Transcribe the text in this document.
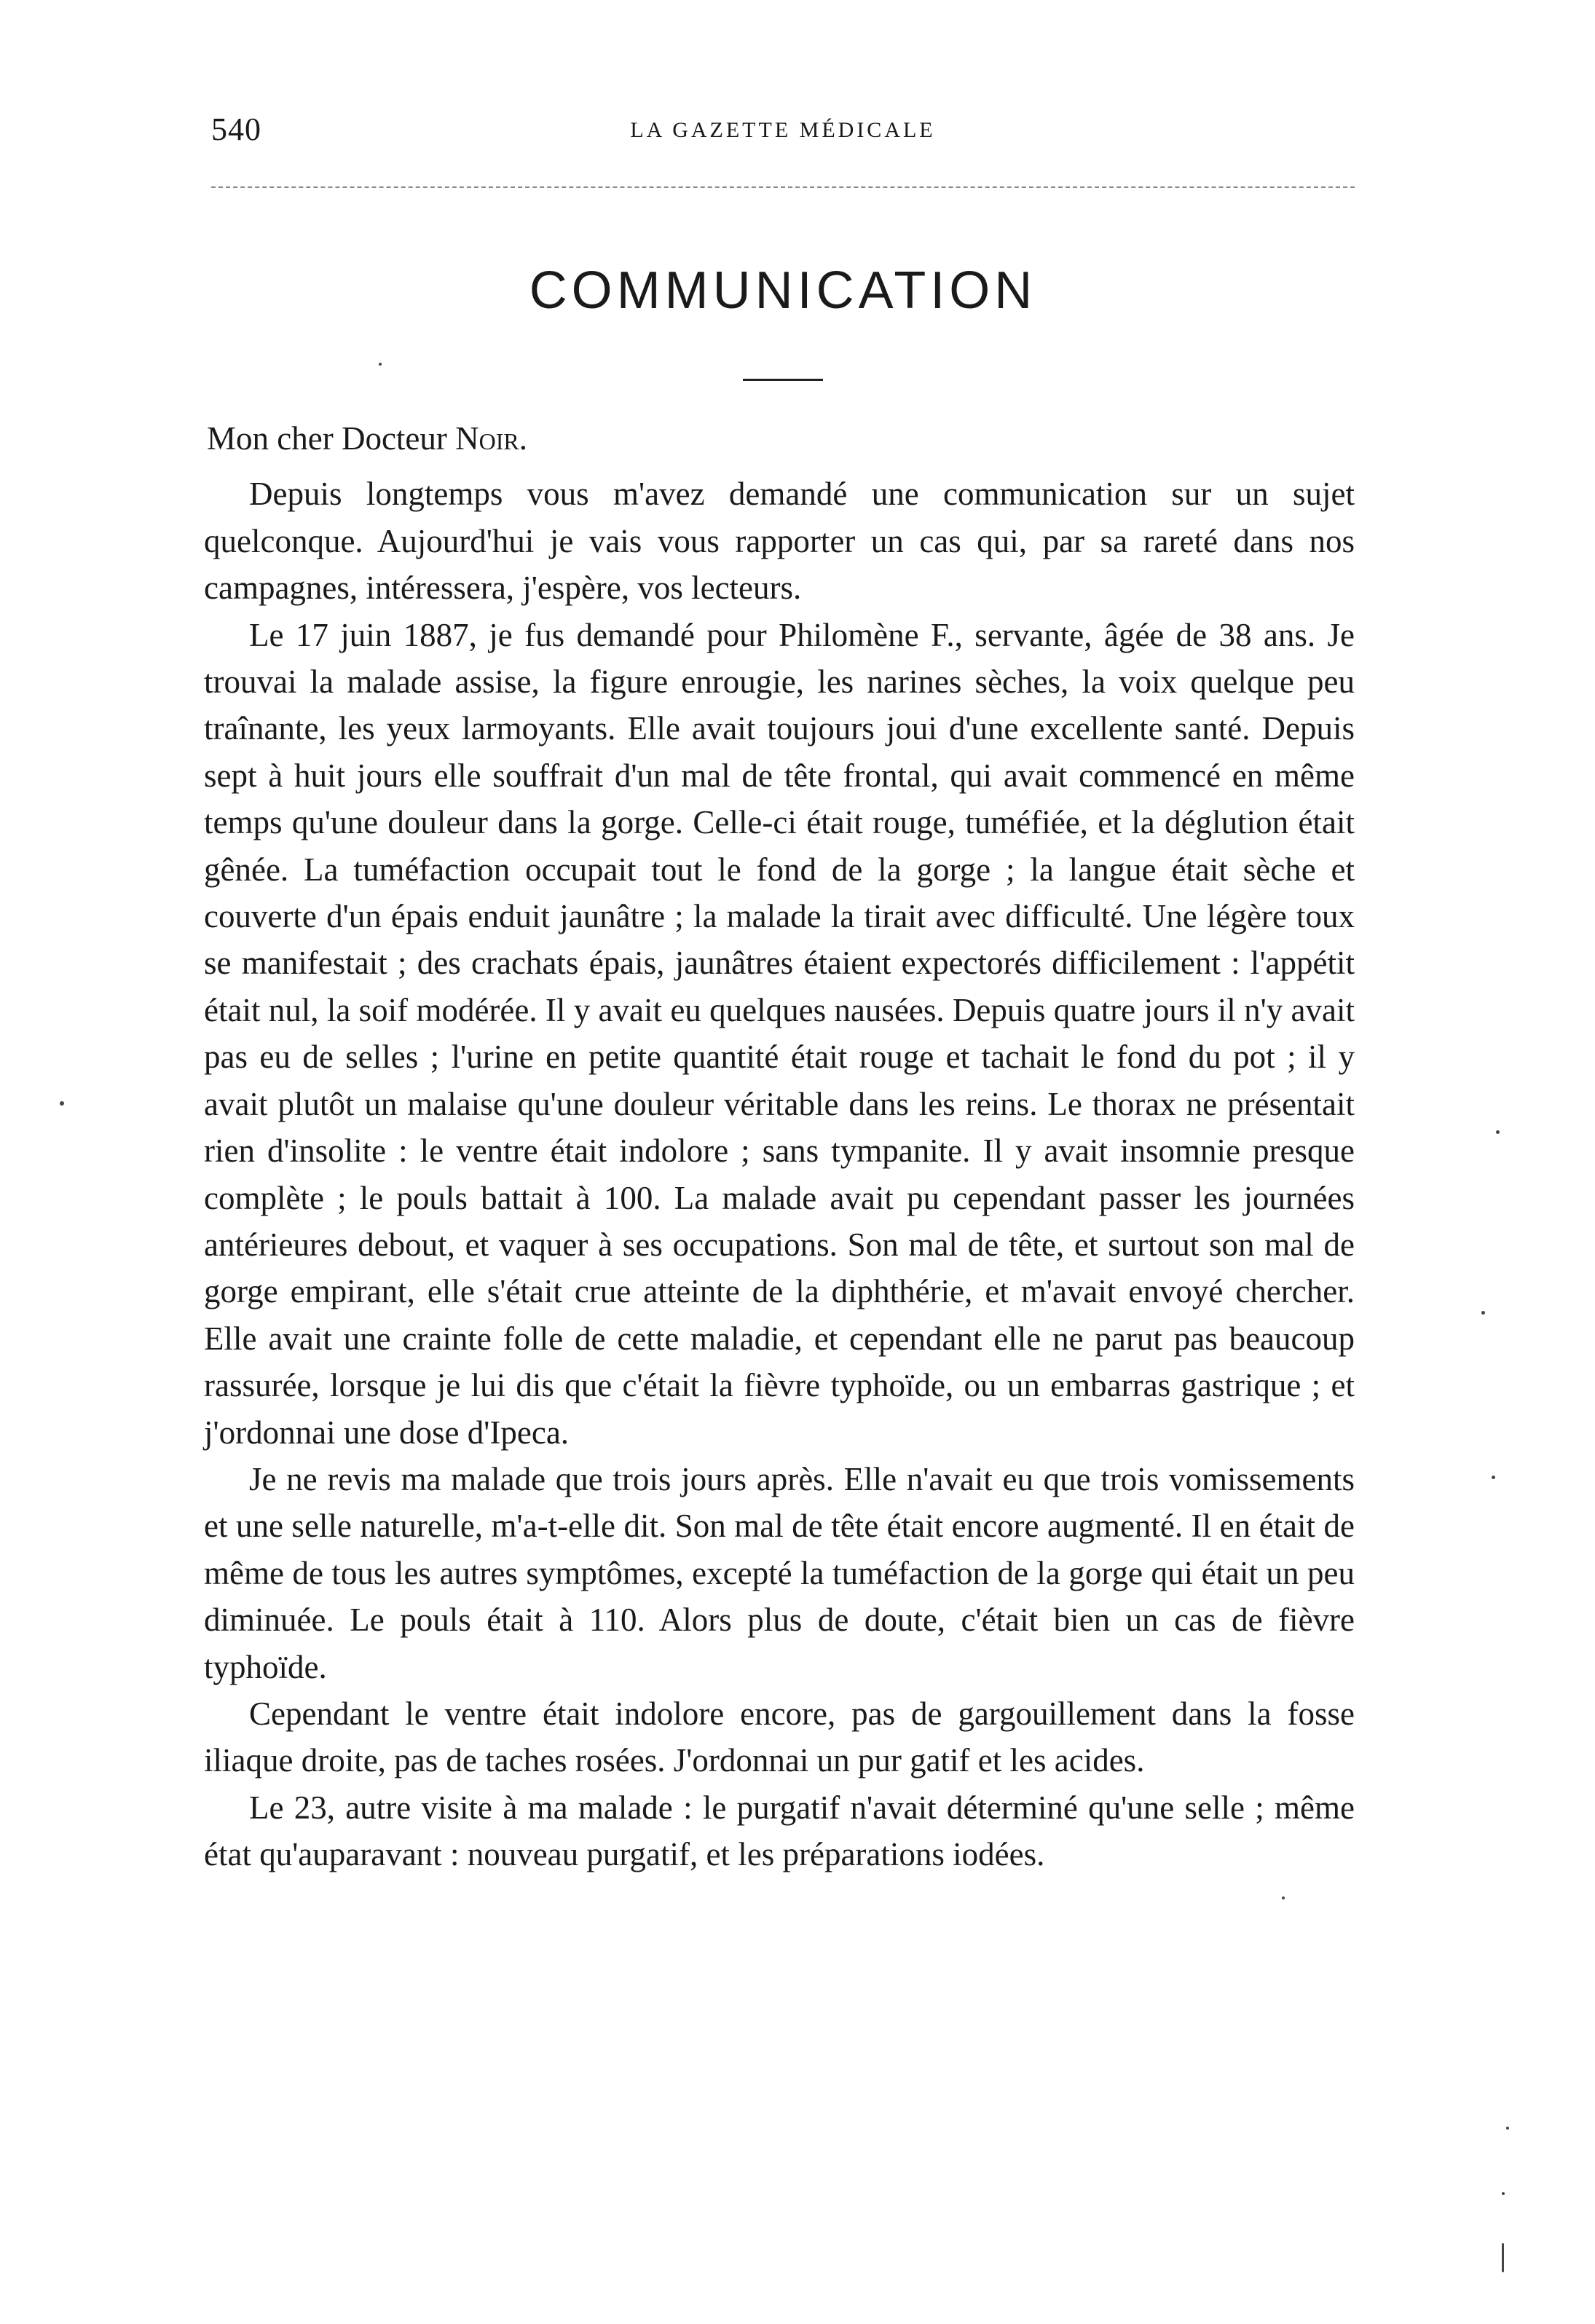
540	LA GAZETTE MÉDICALE
COMMUNICATION

Mon cher Docteur Noir.

Depuis longtemps vous m'avez demandé une communication sur un sujet quelconque. Aujourd'hui je vais vous rapporter un cas qui, par sa rareté dans nos campagnes, intéressera, j'espère, vos lecteurs.

Le 17 juin 1887, je fus demandé pour Philomène F., servante, âgée de 38 ans. Je trouvai la malade assise, la figure enrougie, les narines sèches, la voix quelque peu traînante, les yeux larmoyants. Elle avait toujours joui d'une excellente santé. Depuis sept à huit jours elle souffrait d'un mal de tête frontal, qui avait commencé en même temps qu'une douleur dans la gorge. Celle-ci était rouge, tuméfiée, et la déglution était gênée. La tuméfaction occupait tout le fond de la gorge ; la langue était sèche et couverte d'un épais enduit jaunâtre ; la malade la tirait avec difficulté. Une légère toux se manifestait ; des crachats épais, jaunâtres étaient expectorés difficilement : l'appétit était nul, la soif modérée. Il y avait eu quelques nausées. Depuis quatre jours il n'y avait pas eu de selles ; l'urine en petite quantité était rouge et tachait le fond du pot ; il y avait plutôt un malaise qu'une douleur véritable dans les reins. Le thorax ne présentait rien d'insolite : le ventre était indolore ; sans tympanite. Il y avait insomnie presque complète ; le pouls battait à 100. La malade avait pu cependant passer les journées antérieures debout, et vaquer à ses occupations. Son mal de tête, et surtout son mal de gorge empirant, elle s'était crue atteinte de la diphthérie, et m'avait envoyé chercher. Elle avait une crainte folle de cette maladie, et cependant elle ne parut pas beaucoup rassurée, lorsque je lui dis que c'était la fièvre typhoïde, ou un embarras gastrique ; et j'ordonnai une dose d'Ipeca.

Je ne revis ma malade que trois jours après. Elle n'avait eu que trois vomissements et une selle naturelle, m'a-t-elle dit. Son mal de tête était encore augmenté. Il en était de même de tous les autres symptômes, excepté la tuméfaction de la gorge qui était un peu diminuée. Le pouls était à 110. Alors plus de doute, c'était bien un cas de fièvre typhoïde.

Cependant le ventre était indolore encore, pas de gargouillement dans la fosse iliaque droite, pas de taches rosées. J'ordonnai un pur gatif et les acides.

Le 23, autre visite à ma malade : le purgatif n'avait déterminé qu'une selle ; même état qu'auparavant : nouveau purgatif, et les préparations iodées.
